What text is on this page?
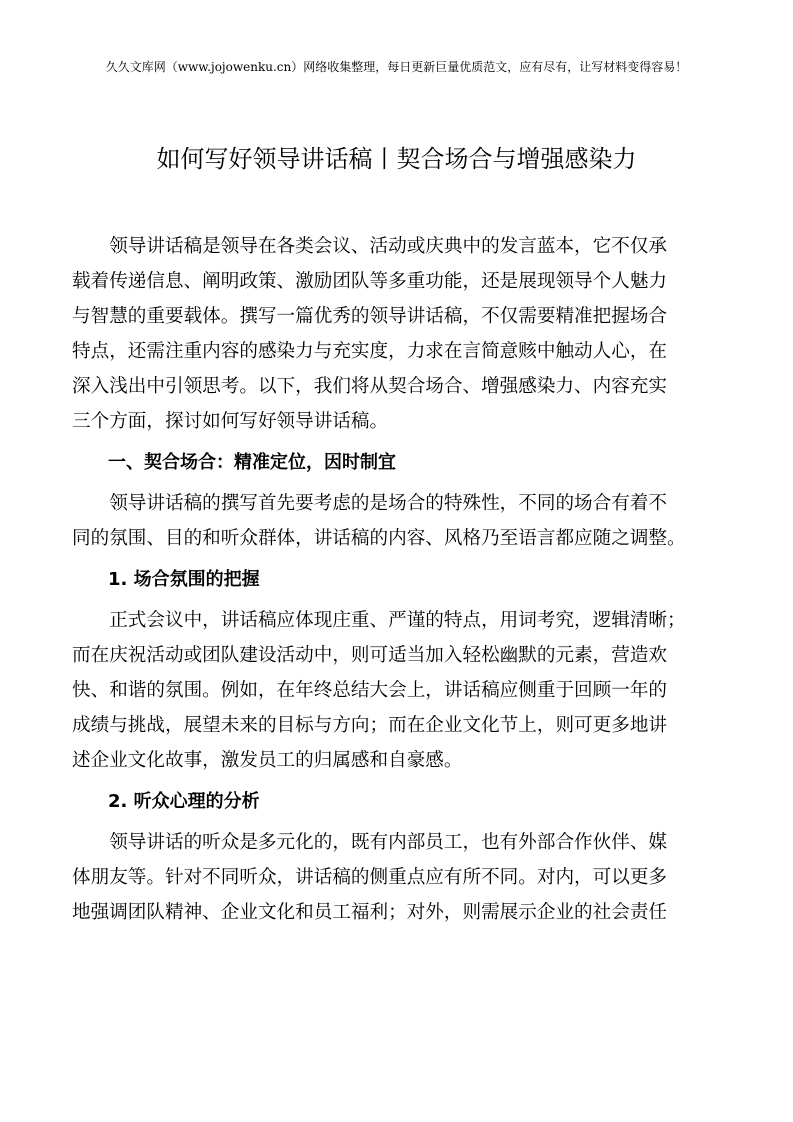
久久文库网（www.jojowenku.cn）网络收集整理，每日更新巨量优质范文，应有尽有，让写材料变得容易！
如何写好领导讲话稿丨契合场合与增强感染力

　　领导讲话稿是领导在各类会议、活动或庆典中的发言蓝本，它不仅承

载着传递信息、阐明政策、激励团队等多重功能，还是展现领导个人魅力

与智慧的重要载体。撰写一篇优秀的领导讲话稿，不仅需要精准把握场合

特点，还需注重内容的感染力与充实度，力求在言简意赅中触动人心，在

深入浅出中引领思考。以下，我们将从契合场合、增强感染力、内容充实

三个方面，探讨如何写好领导讲话稿。

　　一、契合场合：精准定位，因时制宜

　　领导讲话稿的撰写首先要考虑的是场合的特殊性，不同的场合有着不

同的氛围、目的和听众群体，讲话稿的内容、风格乃至语言都应随之调整。

　　1. 场合氛围的把握

　　正式会议中，讲话稿应体现庄重、严谨的特点，用词考究，逻辑清晰；

而在庆祝活动或团队建设活动中，则可适当加入轻松幽默的元素，营造欢

快、和谐的氛围。例如，在年终总结大会上，讲话稿应侧重于回顾一年的

成绩与挑战，展望未来的目标与方向；而在企业文化节上，则可更多地讲

述企业文化故事，激发员工的归属感和自豪感。

　　2. 听众心理的分析

　　领导讲话的听众是多元化的，既有内部员工，也有外部合作伙伴、媒

体朋友等。针对不同听众，讲话稿的侧重点应有所不同。对内，可以更多

地强调团队精神、企业文化和员工福利；对外，则需展示企业的社会责任
